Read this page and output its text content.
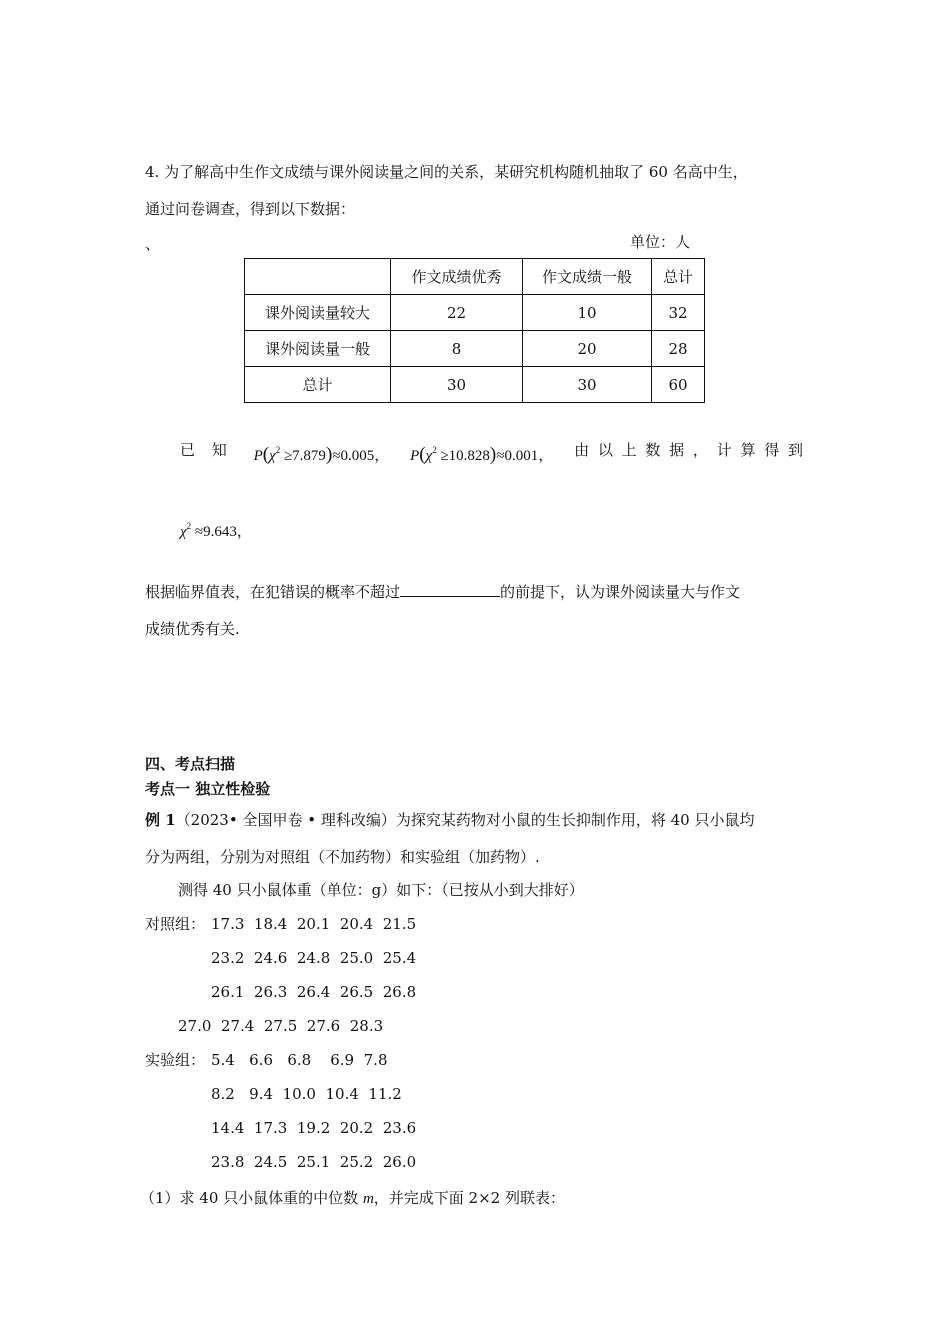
4. 为了解高中生作文成绩与课外阅读量之间的关系，某研究机构随机抽取了 60 名高中生，
通过问卷调查，得到以下数据：
、	单位：人
	作文成绩优秀	作文成绩一般	总计
课外阅读量较大	22	10	32
课外阅读量一般	8	20	28
总计	30	30	60
已 知 $P(\chi^2 \ge 7.879)\approx 0.005$， $P(\chi^2 \ge 10.828)\approx 0.001$， 由 以 上 数 据 ， 计 算 得 到
$\chi^2 \approx 9.643$，
根据临界值表，在犯错误的概率不超过	的前提下，认为课外阅读量大与作文
成绩优秀有关.
四、考点扫描
考点一 独立性检验
例 1（2023• 全国甲卷 • 理科改编）为探究某药物对小鼠的生长抑制作用，将 40 只小鼠均
分为两组，分别为对照组（不加药物）和实验组（加药物）.
测得 40 只小鼠体重（单位：g）如下：（已按从小到大排好）
对照组： 17.3  18.4  20.1  20.4  21.5
23.2  24.6  24.8  25.0  25.4
26.1  26.3  26.4  26.5  26.8
27.0  27.4  27.5  27.6  28.3
实验组： 5.4   6.6   6.8    6.9  7.8
8.2   9.4  10.0  10.4  11.2
14.4  17.3  19.2  20.2  23.6
23.8  24.5  25.1  25.2  26.0
（1）求 40 只小鼠体重的中位数 m，并完成下面 2×2 列联表：
